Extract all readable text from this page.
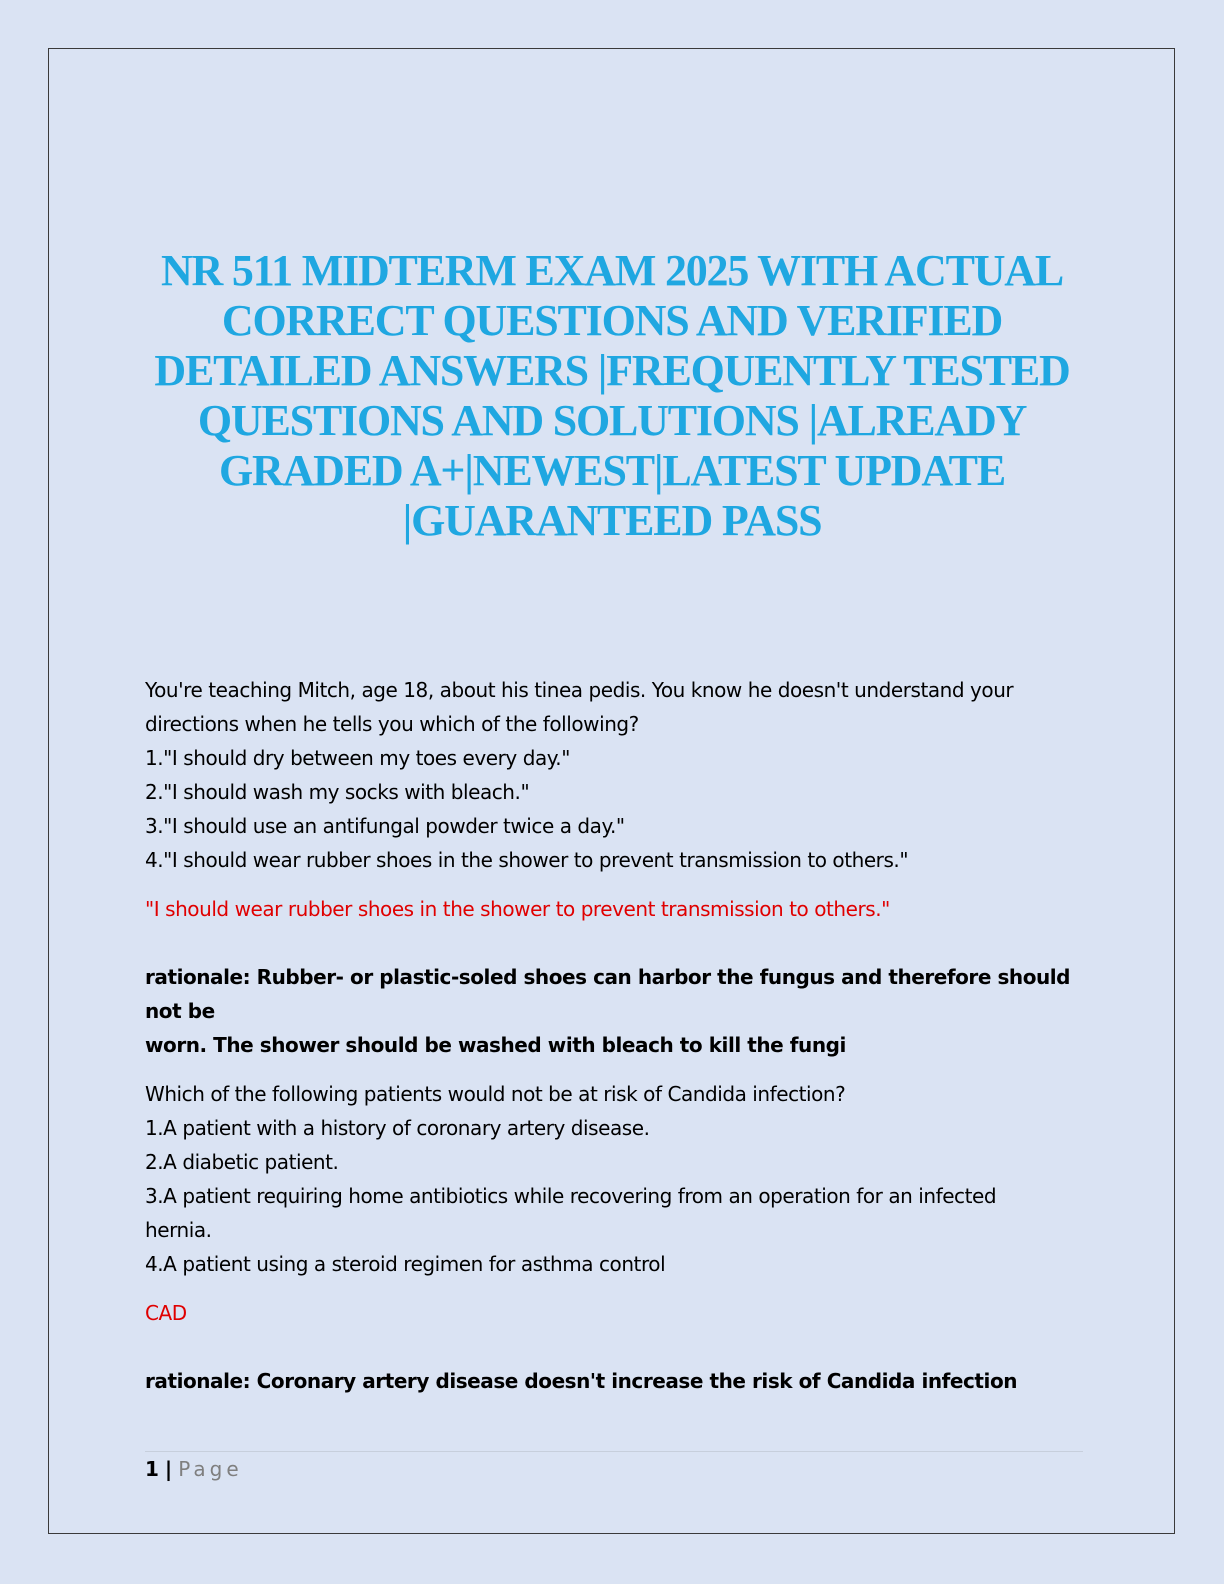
NR 511 MIDTERM EXAM 2025 WITH ACTUAL CORRECT QUESTIONS AND VERIFIED DETAILED ANSWERS |FREQUENTLY TESTED QUESTIONS AND SOLUTIONS |ALREADY GRADED A+|NEWEST|LATEST UPDATE |GUARANTEED PASS

You're teaching Mitch, age 18, about his tinea pedis. You know he doesn't understand your

directions when he tells you which of the following?

1."I should dry between my toes every day."

2."I should wash my socks with bleach."

3."I should use an antifungal powder twice a day."

4."I should wear rubber shoes in the shower to prevent transmission to others."

"I should wear rubber shoes in the shower to prevent transmission to others."

rationale: Rubber- or plastic-soled shoes can harbor the fungus and therefore should not be

worn. The shower should be washed with bleach to kill the fungi

Which of the following patients would not be at risk of Candida infection?

1.A patient with a history of coronary artery disease.

2.A diabetic patient.

3.A patient requiring home antibiotics while recovering from an operation for an infected

hernia.

4.A patient using a steroid regimen for asthma control

CAD

rationale: Coronary artery disease doesn't increase the risk of Candida infection

1 | Page
